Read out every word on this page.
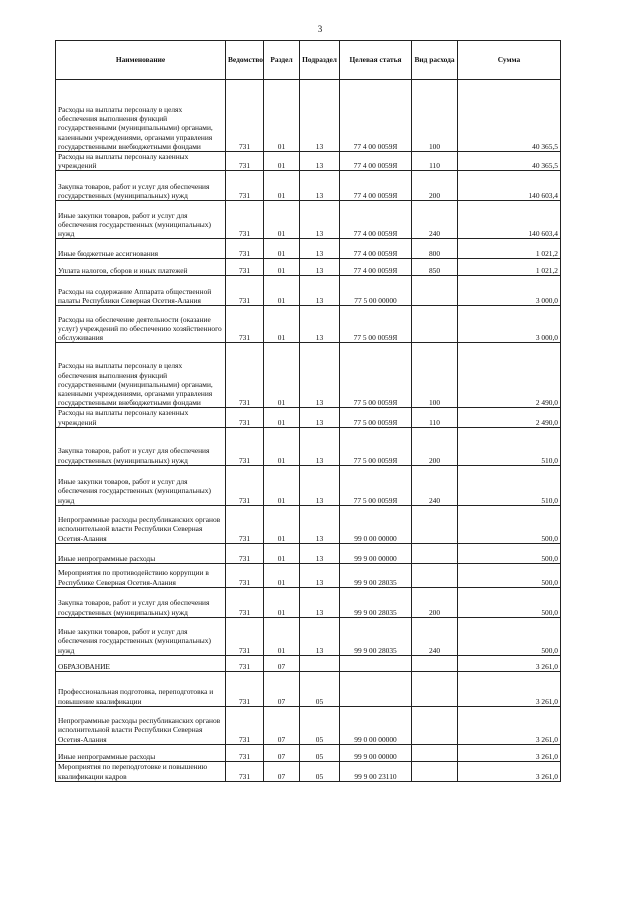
3
Наименование	Ведомство	Раздел	Подраздел	Целевая статья	Вид расхода	Сумма
Расходы на выплаты персоналу в целях обеспечения выполнения функций государственными (муниципальными) органами, казенными учреждениями, органами управления государственными внебюджетными фондами	731	01	13	77 4 00 0059Я	100	40 365,5
Расходы на выплаты персоналу казенных учреждений	731	01	13	77 4 00 0059Я	110	40 365,5
Закупка товаров, работ и услуг для обеспечения государственных (муниципальных) нужд	731	01	13	77 4 00 0059Я	200	140 603,4
Иные закупки товаров, работ и услуг для обеспечения государственных (муниципальных) нужд	731	01	13	77 4 00 0059Я	240	140 603,4
Иные бюджетные ассигнования	731	01	13	77 4 00 0059Я	800	1 021,2
Уплата налогов, сборов и иных платежей	731	01	13	77 4 00 0059Я	850	1 021,2
Расходы на содержание Аппарата общественной палаты Республики Северная Осетия-Алания	731	01	13	77 5 00 00000		3 000,0
Расходы на обеспечение деятельности (оказание услуг) учреждений по обеспечению хозяйственного обслуживания	731	01	13	77 5 00 0059Я		3 000,0
Расходы на выплаты персоналу в целях обеспечения выполнения функций государственными (муниципальными) органами, казенными учреждениями, органами управления государственными внебюджетными фондами	731	01	13	77 5 00 0059Я	100	2 490,0
Расходы на выплаты персоналу казенных учреждений	731	01	13	77 5 00 0059Я	110	2 490,0
Закупка товаров, работ и услуг для обеспечения государственных (муниципальных) нужд	731	01	13	77 5 00 0059Я	200	510,0
Иные закупки товаров, работ и услуг для обеспечения государственных (муниципальных) нужд	731	01	13	77 5 00 0059Я	240	510,0
Непрограммные расходы республиканских органов исполнительной власти Республики Северная Осетия-Алания	731	01	13	99 0 00 00000		500,0
Иные непрограммные расходы	731	01	13	99 9 00 00000		500,0
Мероприятия по противодействию коррупции в Республике Северная Осетия-Алания	731	01	13	99 9 00 28035		500,0
Закупка товаров, работ и услуг для обеспечения государственных (муниципальных) нужд	731	01	13	99 9 00 28035	200	500,0
Иные закупки товаров, работ и услуг для обеспечения государственных (муниципальных) нужд	731	01	13	99 9 00 28035	240	500,0
ОБРАЗОВАНИЕ	731	07				3 261,0
Профессиональная подготовка, переподготовка и повышение квалификации	731	07	05			3 261,0
Непрограммные расходы республиканских органов исполнительной власти Республики Северная Осетия-Алания	731	07	05	99 0 00 00000		3 261,0
Иные непрограммные расходы	731	07	05	99 9 00 00000		3 261,0
Мероприятия по переподготовке и повышению квалификации кадров	731	07	05	99 9 00 23110		3 261,0
